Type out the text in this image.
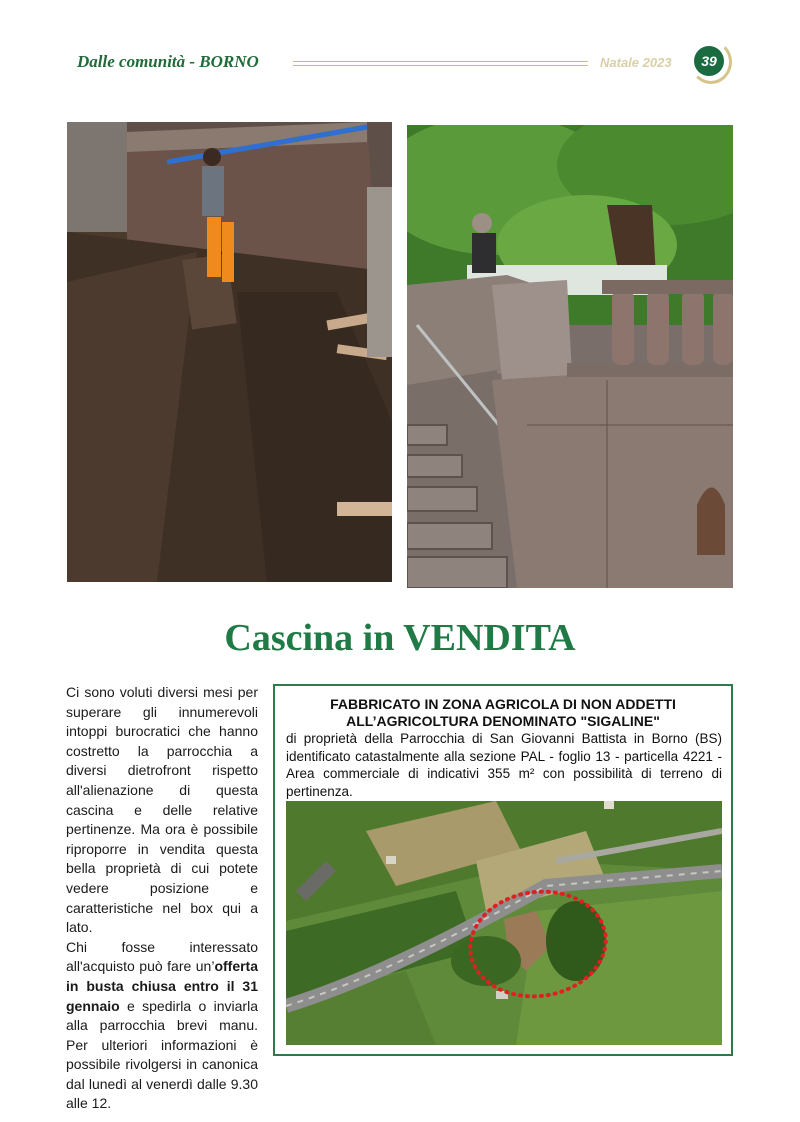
Dalle comunità - BORNO	Natale 2023	39
Cascina in VENDITA

Ci sono voluti diversi mesi per superare gli innumerevoli intoppi burocratici che hanno costretto la parrocchia a diversi dietrofront rispetto all'alienazione di questa cascina e delle relative pertinenze. Ma ora è possibile riproporre in vendita questa bella proprietà di cui potete vedere posizione e caratteristiche nel box qui a lato.

Chi fosse interessato all'acquisto può fare un’offerta in busta chiusa entro il 31 gennaio e spedirla o inviarla alla parrocchia brevi manu. Per ulteriori informazioni è possibile rivolgersi in canonica dal lunedì al venerdì dalle 9.30 alle 12.

FABBRICATO IN ZONA AGRICOLA DI NON ADDETTI
ALL’AGRICOLTURA DENOMINATO "SIGALINE"
di proprietà della Parrocchia di San Giovanni Battista in Borno (BS) identificato catastalmente alla sezione PAL - foglio 13 - particella 4221 - Area commerciale di indicativi 355 m² con possibilità di terreno di pertinenza.
